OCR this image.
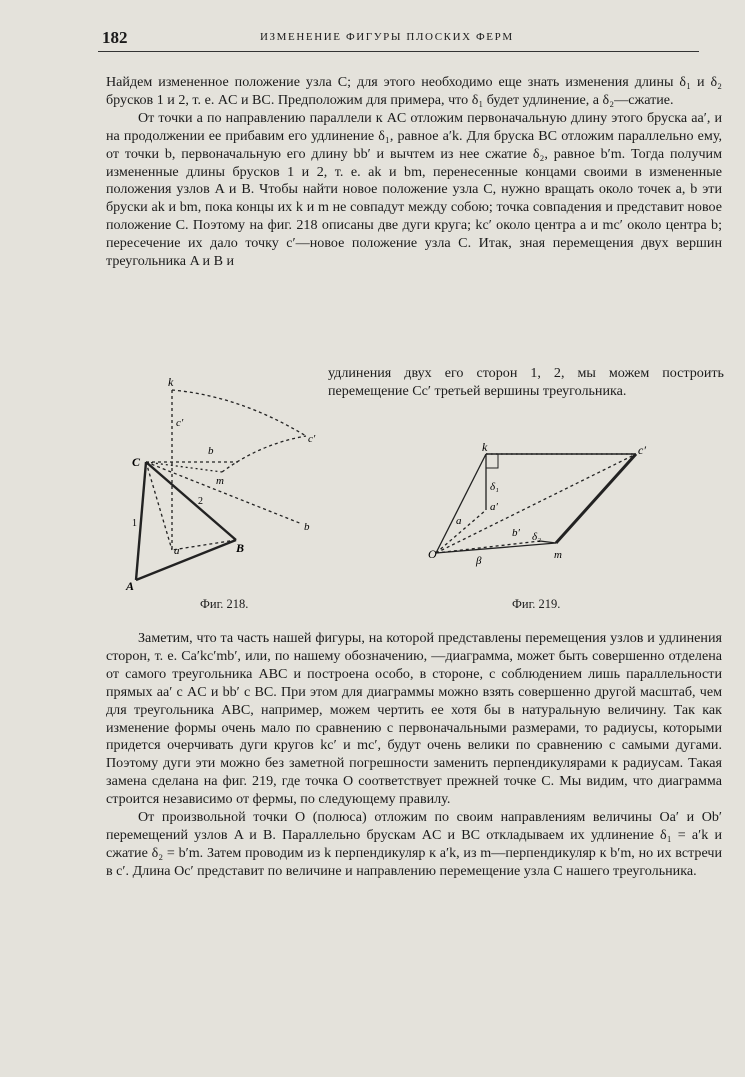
182	ИЗМЕНЕНИЕ ФИГУРЫ ПЛОСКИХ ФЕРМ

Найдем измененное положение узла C; для этого необходимо еще знать изменения длины δ₁ и δ₂ брусков 1 и 2, т. е. AC и BC. Предположим для примера, что δ₁ будет удлинение, а δ₂—сжатие.

От точки a по направлению параллели к AC отложим первоначальную длину этого бруска aa′, и на продолжении ее прибавим его удлинение δ₁, равное a′k. Для бруска BC отложим параллельно ему, от точки b, первоначальную его длину bb′ и вычтем из нее сжатие δ₂, равное b′m. Тогда получим измененные длины брусков 1 и 2, т. е. ak и bm, перенесенные концами своими в измененные положения узлов A и B. Чтобы найти новое положение узла C, нужно вращать около точек a, b эти бруски ak и bm, пока концы их k и m не совпадут между собою; точка совпадения и представит новое положение C. Поэтому на фиг. 218 описаны две дуги круга; kc′ около центра a и mc′ около центра b; пересечение их дало точку c′—новое положение узла C. Итак, зная перемещения двух вершин треугольника A и B и

удлинения двух его сторон 1, 2, мы можем построить перемещение Cc′ третьей вершины треугольника.
k
c′
c′
C
b
m
2
1	b
a	B
A
Фиг. 218.
k	c′
δ₁
a′
a
b′ δ₂
O	β	m
Фиг. 219.

Заметим, что та часть нашей фигуры, на которой представлены перемещения узлов и удлинения сторон, т. е. Ca′kc′mb′, или, по нашему обозначению, —диаграмма, может быть совершенно отделена от самого треугольника ABC и построена особо, в стороне, с соблюдением лишь параллельности прямых aa′ с AC и bb′ с BC. При этом для диаграммы можно взять совершенно другой масштаб, чем для треугольника ABC, например, можем чертить ее хотя бы в натуральную величину. Так как изменение формы очень мало по сравнению с первоначальными размерами, то радиусы, которыми придется очерчивать дуги кругов kc′ и mc′, будут очень велики по сравнению с самыми дугами. Поэтому дуги эти можно без заметной погрешности заменить перпендикулярами к радиусам. Такая замена сделана на фиг. 219, где точка O соответствует прежней точке C. Мы видим, что диаграмма строится независимо от фермы, по следующему правилу.

От произвольной точки O (полюса) отложим по своим направлениям величины Oa′ и Ob′ перемещений узлов A и B. Параллельно брускам AC и BC откладываем их удлинение δ₁ = a′k и сжатие δ₂ = b′m. Затем проводим из k перпендикуляр к a′k, из m—перпендикуляр к b′m, но их встречи в c′. Длина Oc′ представит по величине и направлению перемещение узла C нашего треугольника.
